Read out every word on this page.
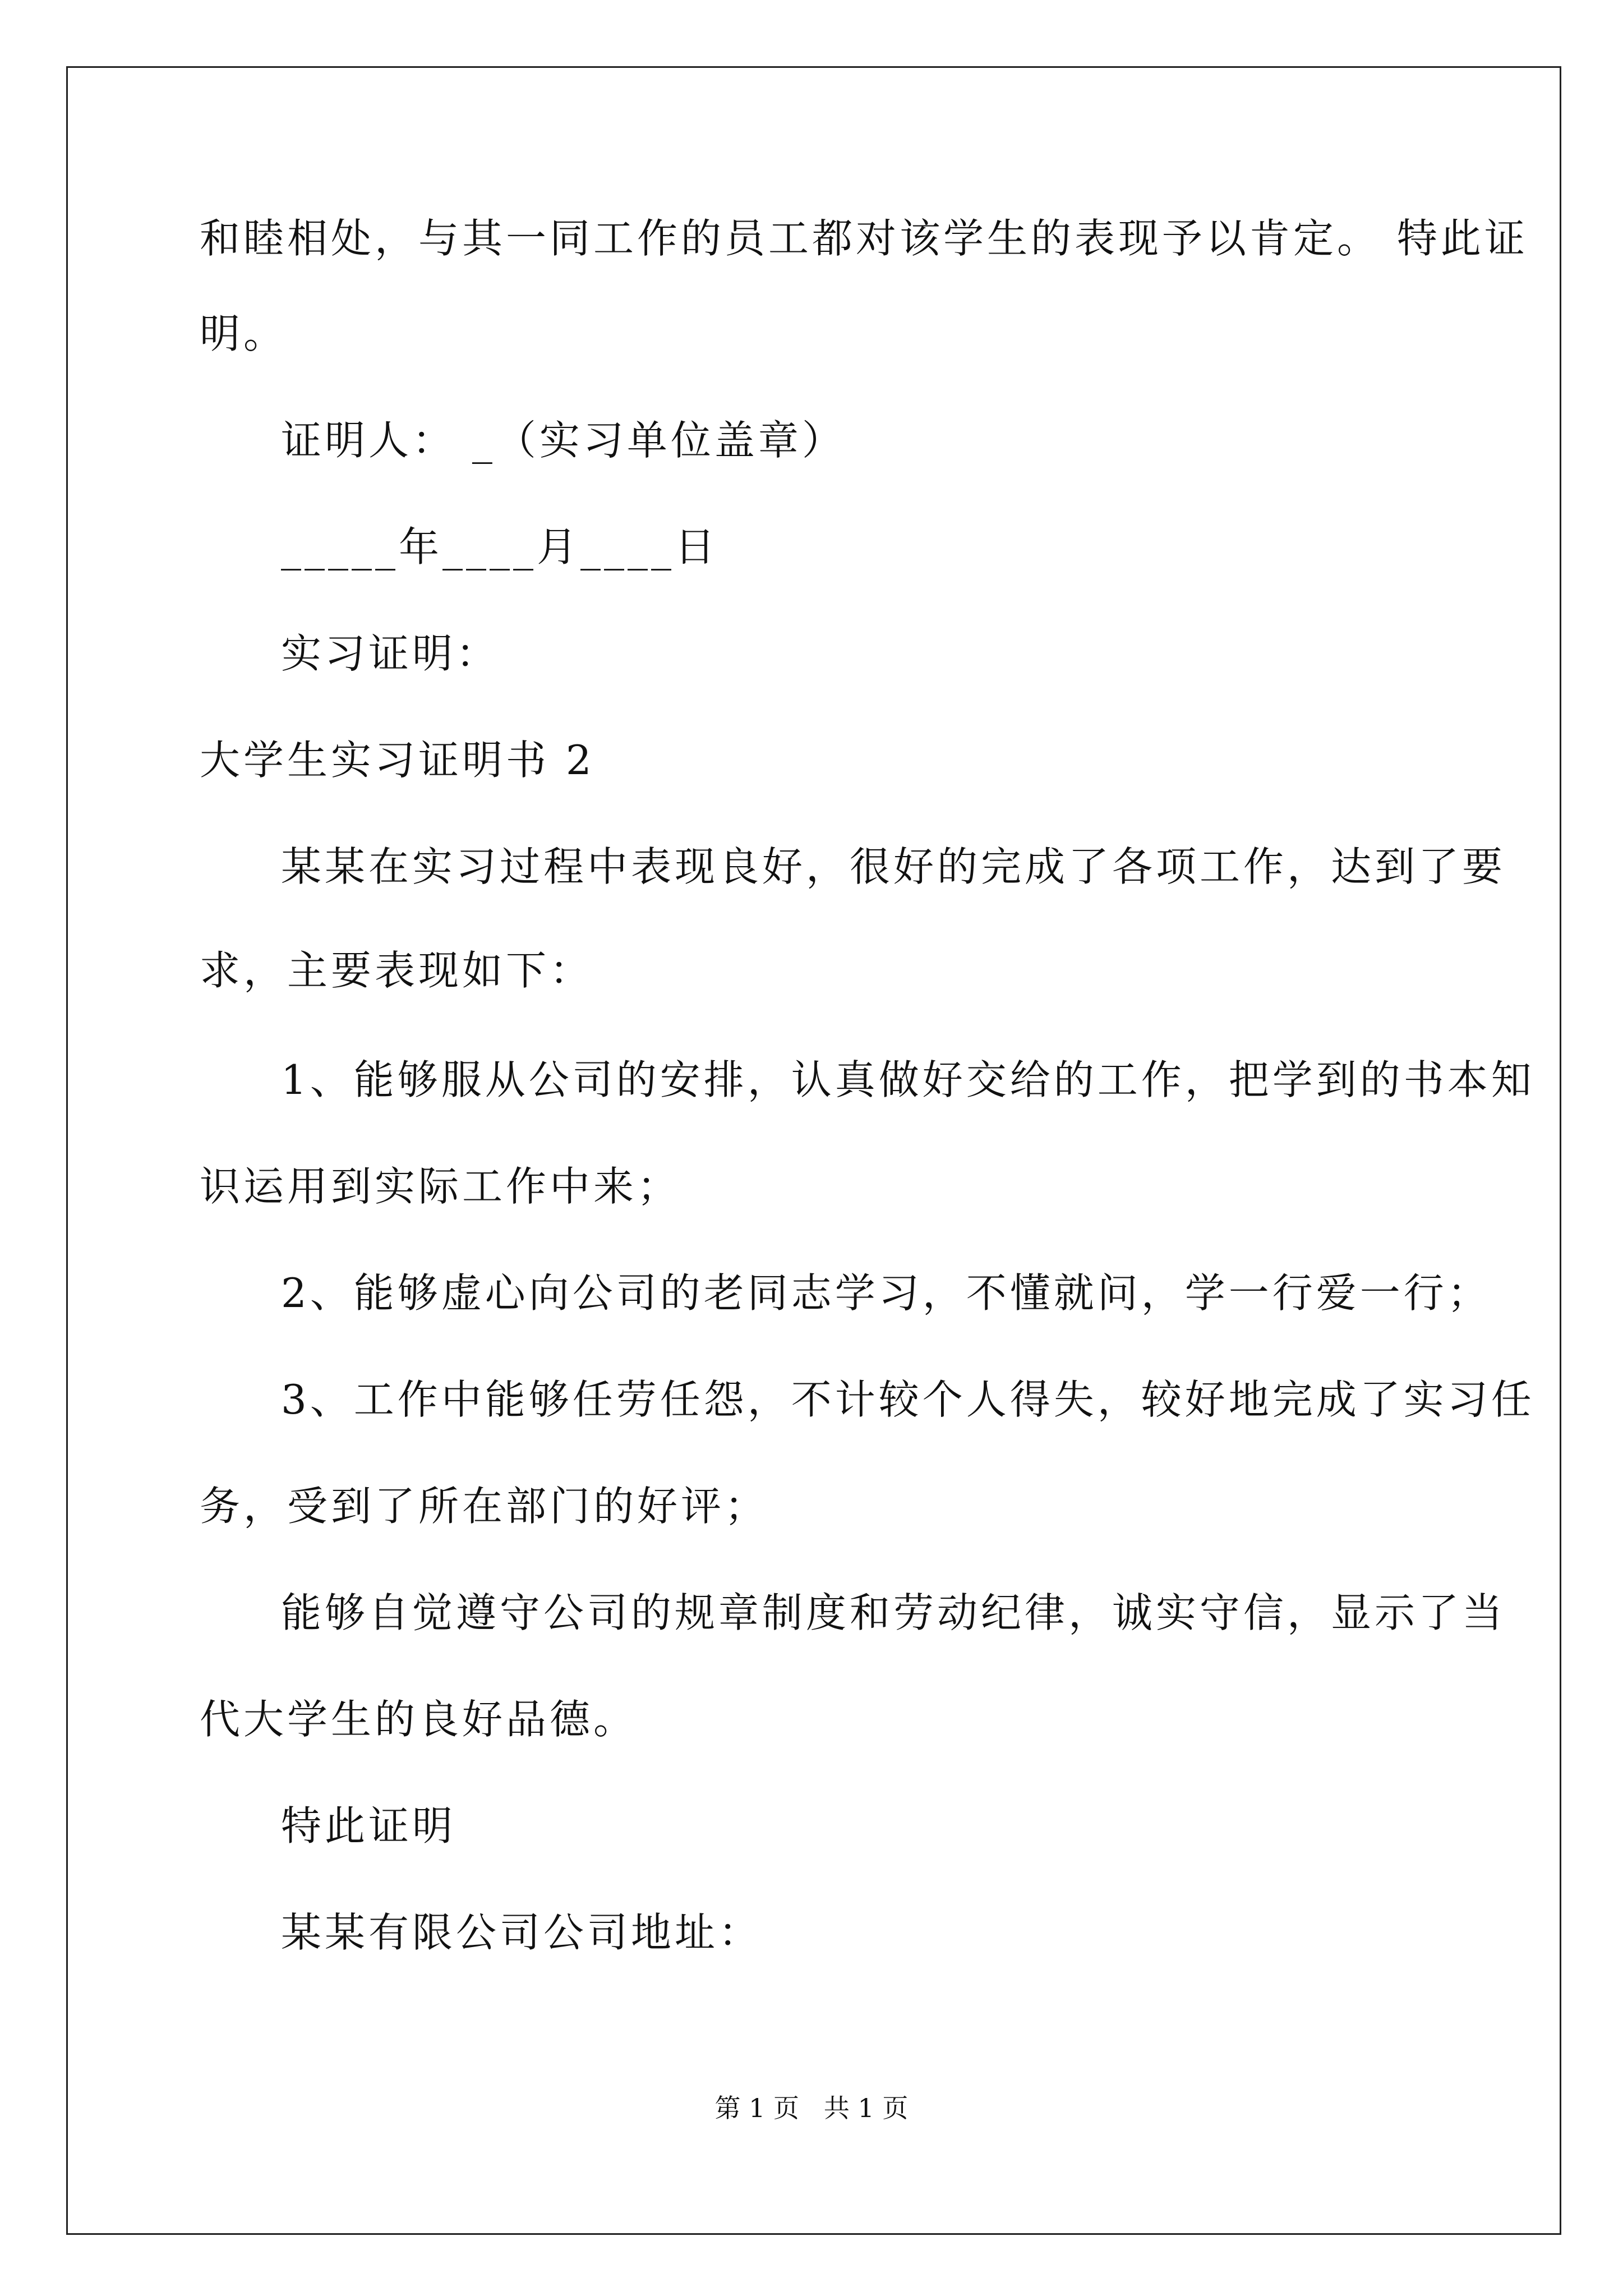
和睦相处，与其一同工作的员工都对该学生的表现予以肯定。 特此证
明。
证明人： _（实习单位盖章）
_____年____月____日
实习证明：
大学生实习证明书 2
某某在实习过程中表现良好，很好的完成了各项工作，达到了要
求，主要表现如下：
1、能够服从公司的安排，认真做好交给的工作，把学到的书本知
识运用到实际工作中来；
2、能够虚心向公司的老同志学习，不懂就问，学一行爱一行；
3、工作中能够任劳任怨，不计较个人得失，较好地完成了实习任
务，受到了所在部门的好评；
能够自觉遵守公司的规章制度和劳动纪律，诚实守信，显示了当
代大学生的良好品德。
特此证明
某某有限公司公司地址：
第 1 页   共 1 页
